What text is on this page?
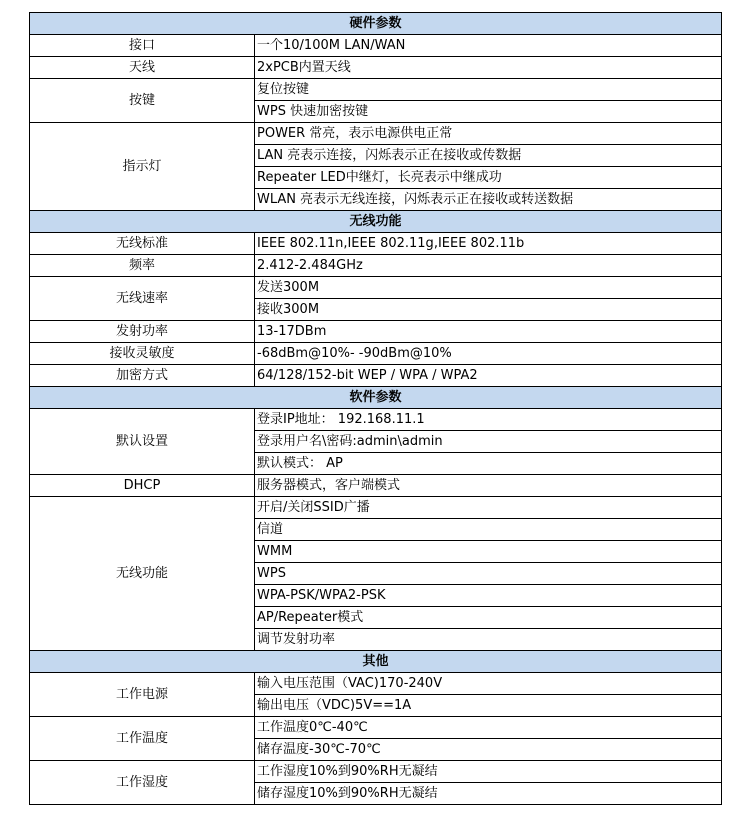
硬件参数	
接口	一个10/100M LAN/WAN
天线	2xPCB内置天线
按键	复位按键
	WPS 快速加密按键
指示灯	POWER 常亮，表示电源供电正常
	LAN 亮表示连接，闪烁表示正在接收或传数据
	Repeater LED中继灯，长亮表示中继成功
	WLAN 亮表示无线连接，闪烁表示正在接收或转送数据
无线功能	
无线标准	IEEE 802.11n,IEEE 802.11g,IEEE 802.11b
频率	2.412-2.484GHz
无线速率	发送300M
	接收300M
发射功率	13-17DBm
接收灵敏度	-68dBm@10%- -90dBm@10%
加密方式	64/128/152-bit WEP / WPA / WPA2
软件参数	
默认设置	登录IP地址： 192.168.11.1
	登录用户名\密码:admin\admin
	默认模式： AP
DHCP	服务器模式，客户端模式
无线功能	开启/关闭SSID广播
	信道
	WMM
	WPS
	WPA-PSK/WPA2-PSK
	AP/Repeater模式
	调节发射功率
其他	
工作电源	输入电压范围（VAC)170-240V
	输出电压（VDC)5V==1A
工作温度	工作温度0℃-40℃
	储存温度-30℃-70℃
工作湿度	工作湿度10%到90%RH无凝结
	储存湿度10%到90%RH无凝结
